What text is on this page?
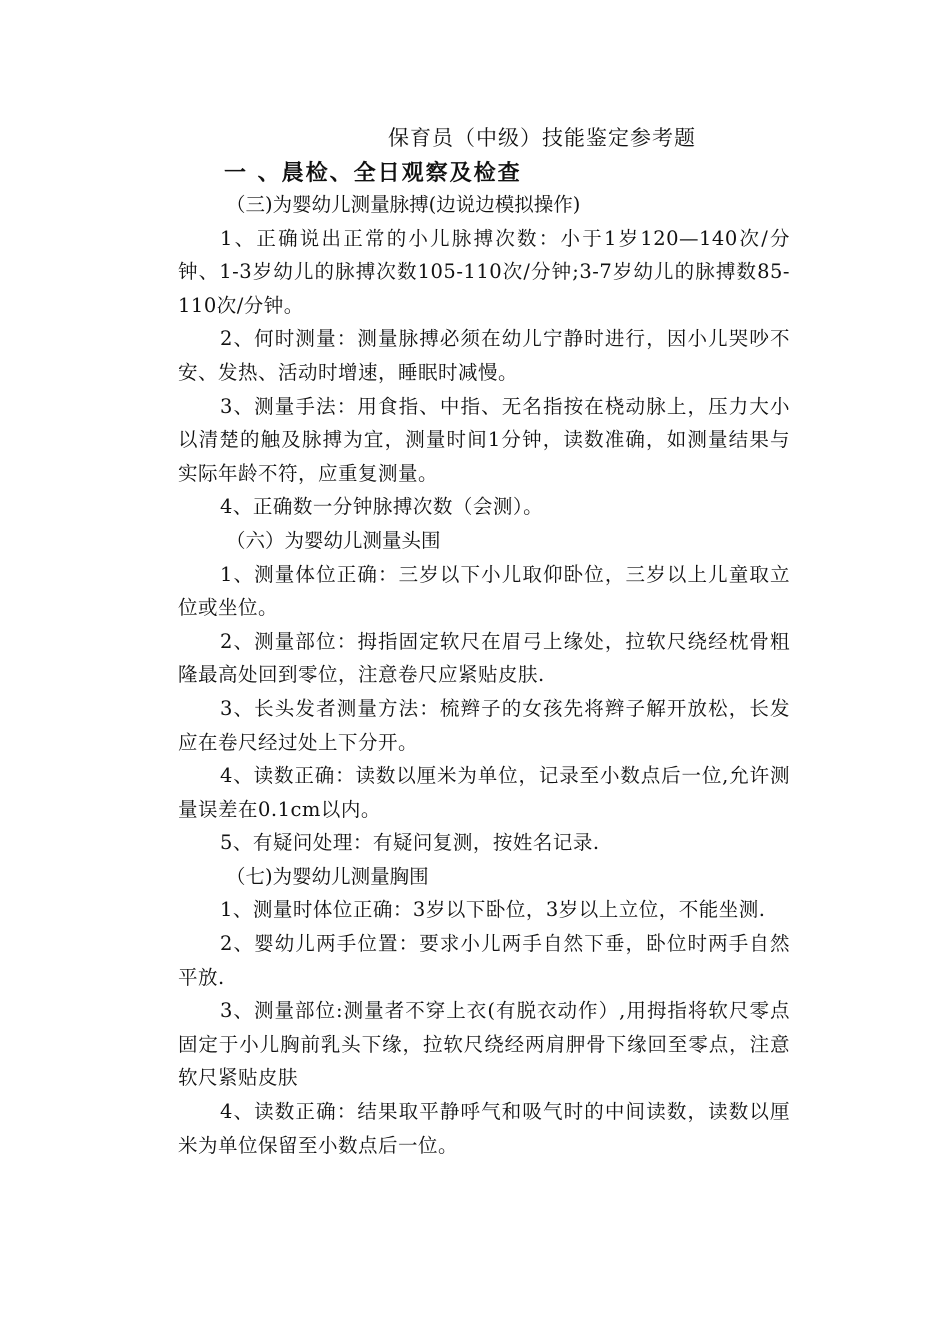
保育员（中级）技能鉴定参考题
一 、晨检、全日观察及检查

（三)为婴幼儿测量脉搏(边说边模拟操作)

1、正确说出正常的小儿脉搏次数：小于1岁120—140次/分钟、1-3岁幼儿的脉搏次数105-110次/分钟;3-7岁幼儿的脉搏数85-110次/分钟。

2、何时测量：测量脉搏必须在幼儿宁静时进行，因小儿哭吵不安、发热、活动时增速，睡眠时减慢。

3、测量手法：用食指、中指、无名指按在桡动脉上，压力大小以清楚的触及脉搏为宜，测量时间1分钟，读数准确，如测量结果与实际年龄不符，应重复测量。

4、正确数一分钟脉搏次数（会测）。

（六）为婴幼儿测量头围

1、测量体位正确：三岁以下小儿取仰卧位，三岁以上儿童取立位或坐位。

2、测量部位：拇指固定软尺在眉弓上缘处，拉软尺绕经枕骨粗隆最高处回到零位，注意卷尺应紧贴皮肤.

3、长头发者测量方法：梳辫子的女孩先将辫子解开放松，长发应在卷尺经过处上下分开。

4、读数正确：读数以厘米为单位，记录至小数点后一位,允许测量误差在0.1cm以内。

5、有疑问处理：有疑问复测，按姓名记录.

（七)为婴幼儿测量胸围

1、测量时体位正确：3岁以下卧位，3岁以上立位，不能坐测.

2、婴幼儿两手位置：要求小儿两手自然下垂，卧位时两手自然平放.

3、测量部位:测量者不穿上衣(有脱衣动作）,用拇指将软尺零点固定于小儿胸前乳头下缘，拉软尺绕经两肩胛骨下缘回至零点，注意软尺紧贴皮肤

4、读数正确：结果取平静呼气和吸气时的中间读数，读数以厘米为单位保留至小数点后一位。
